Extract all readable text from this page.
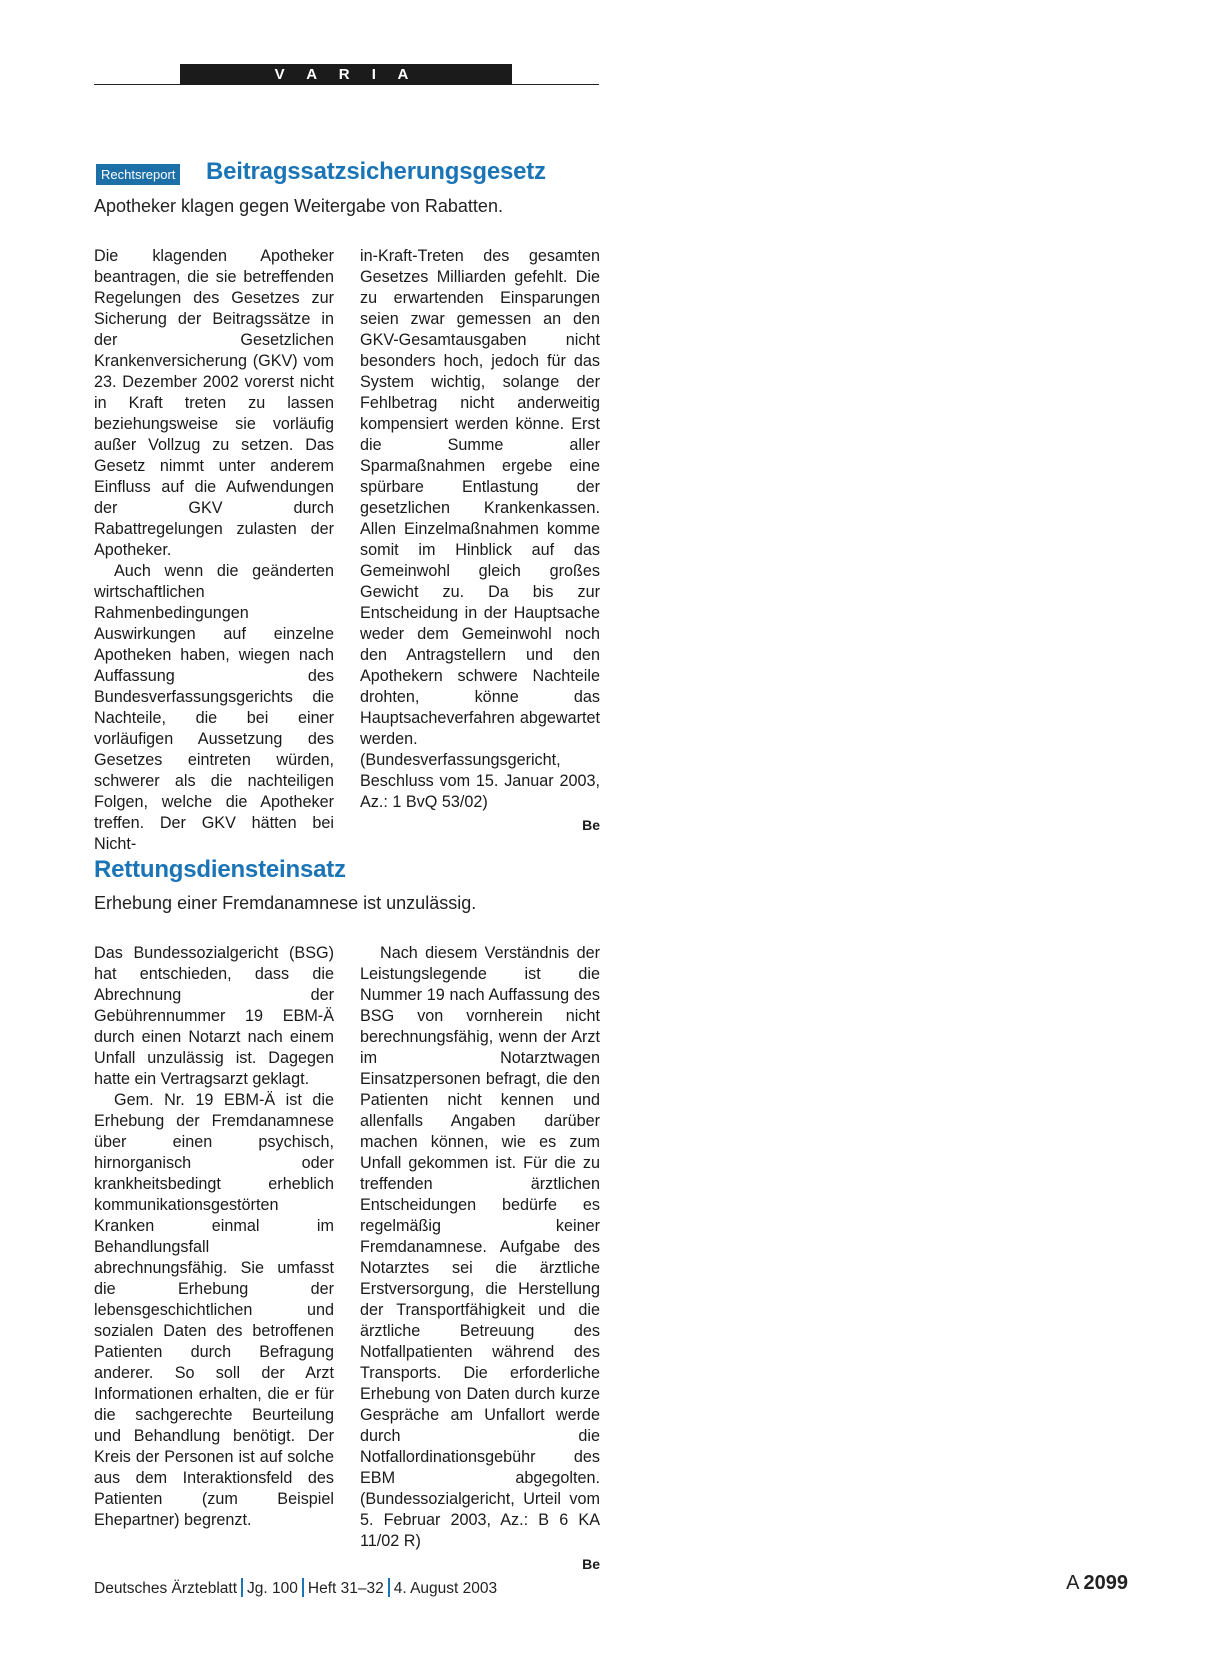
V A R I A
Rechtsreport Beitragssatzsicherungsgesetz

Apotheker klagen gegen Weitergabe von Rabatten.

Die klagenden Apotheker beantragen, die sie betreffenden Regelungen des Gesetzes zur Sicherung der Beitragssätze in der Gesetzlichen Krankenversicherung (GKV) vom 23. Dezember 2002 vorerst nicht in Kraft treten zu lassen beziehungsweise sie vorläufig außer Vollzug zu setzen. Das Gesetz nimmt unter anderem Einfluss auf die Aufwendungen der GKV durch Rabattregelungen zulasten der Apotheker.

Auch wenn die geänderten wirtschaftlichen Rahmenbedingungen Auswirkungen auf einzelne Apotheken haben, wiegen nach Auffassung des Bundesverfassungsgerichts die Nachteile, die bei einer vorläufigen Aussetzung des Gesetzes eintreten würden, schwerer als die nachteiligen Folgen, welche die Apotheker treffen. Der GKV hätten bei Nicht-

in-Kraft-Treten des gesamten Gesetzes Milliarden gefehlt. Die zu erwartenden Einsparungen seien zwar gemessen an den GKV-Gesamtausgaben nicht besonders hoch, jedoch für das System wichtig, solange der Fehlbetrag nicht anderweitig kompensiert werden könne. Erst die Summe aller Sparmaßnahmen ergebe eine spürbare Entlastung der gesetzlichen Krankenkassen. Allen Einzelmaßnahmen komme somit im Hinblick auf das Gemeinwohl gleich großes Gewicht zu. Da bis zur Entscheidung in der Hauptsache weder dem Gemeinwohl noch den Antragstellern und den Apothekern schwere Nachteile drohten, könne das Hauptsacheverfahren abgewartet werden. (Bundesverfassungsgericht, Beschluss vom 15. Januar 2003, Az.: 1 BvQ 53/02)

Be
Rettungsdiensteinsatz

Erhebung einer Fremdanamnese ist unzulässig.

Das Bundessozialgericht (BSG) hat entschieden, dass die Abrechnung der Gebührennummer 19 EBM-Ä durch einen Notarzt nach einem Unfall unzulässig ist. Dagegen hatte ein Vertragsarzt geklagt.

Gem. Nr. 19 EBM-Ä ist die Erhebung der Fremdanamnese über einen psychisch, hirnorganisch oder krankheitsbedingt erheblich kommunikationsgestörten Kranken einmal im Behandlungsfall abrechnungsfähig. Sie umfasst die Erhebung der lebensgeschichtlichen und sozialen Daten des betroffenen Patienten durch Befragung anderer. So soll der Arzt Informationen erhalten, die er für die sachgerechte Beurteilung und Behandlung benötigt. Der Kreis der Personen ist auf solche aus dem Interaktionsfeld des Patienten (zum Beispiel Ehepartner) begrenzt.

Nach diesem Verständnis der Leistungslegende ist die Nummer 19 nach Auffassung des BSG von vornherein nicht berechnungsfähig, wenn der Arzt im Notarztwagen Einsatzpersonen befragt, die den Patienten nicht kennen und allenfalls Angaben darüber machen können, wie es zum Unfall gekommen ist. Für die zu treffenden ärztlichen Entscheidungen bedürfe es regelmäßig keiner Fremdanamnese. Aufgabe des Notarztes sei die ärztliche Erstversorgung, die Herstellung der Transportfähigkeit und die ärztliche Betreuung des Notfallpatienten während des Transports. Die erforderliche Erhebung von Daten durch kurze Gespräche am Unfallort werde durch die Notfallordinationsgebühr des EBM abgegolten. (Bundessozialgericht, Urteil vom 5. Februar 2003, Az.: B 6 KA 11/02 R)

Be
Deutsches Ärzteblatt Jg. 100 Heft 31–32 4. August 2003	A  2099
